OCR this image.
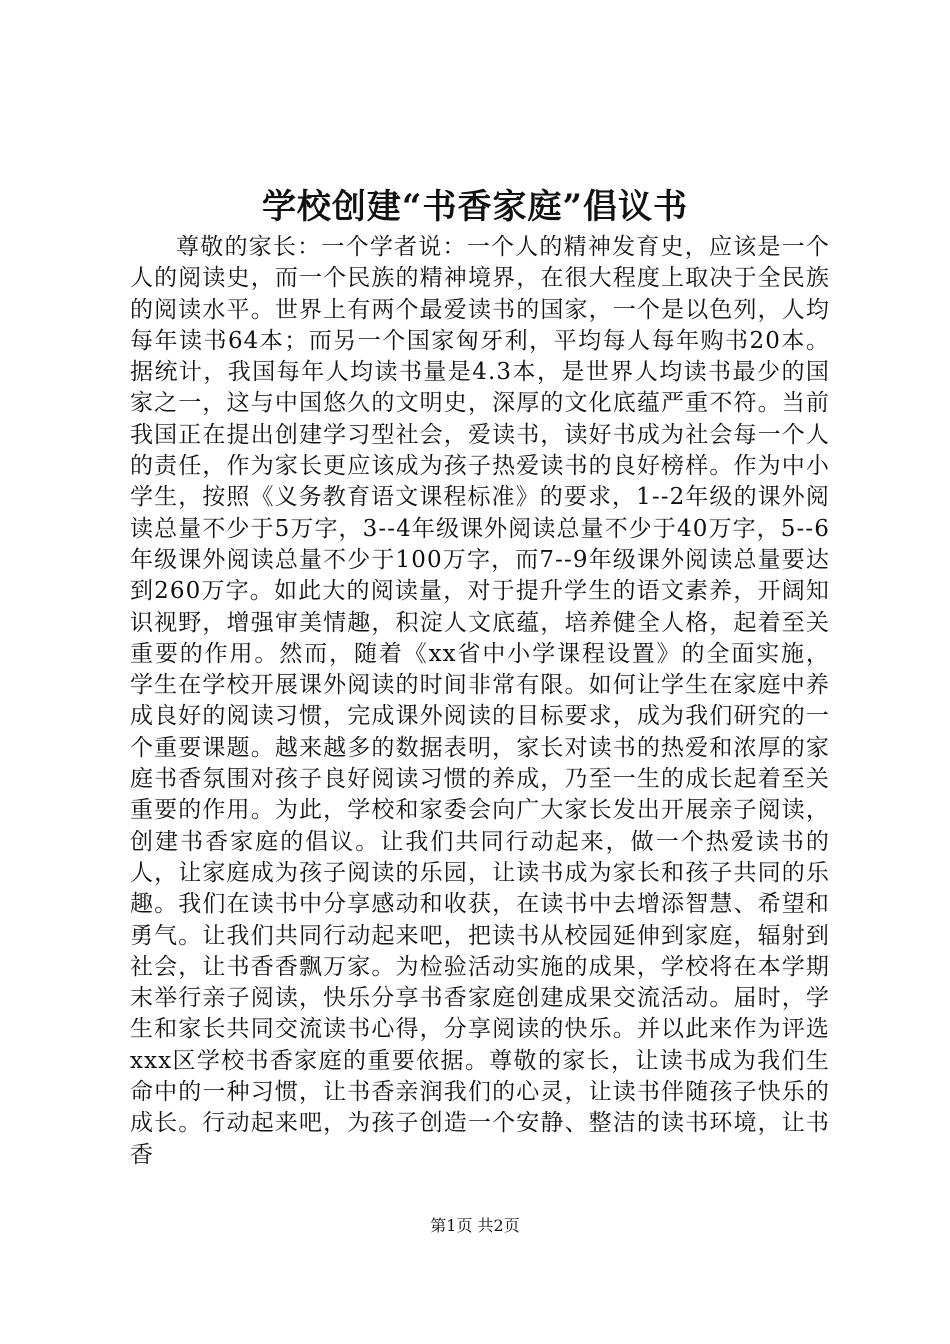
学校创建“书香家庭”倡议书

尊敬的家长：一个学者说：一个人的精神发育史，应该是一个人的阅读史，而一个民族的精神境界，在很大程度上取决于全民族的阅读水平。世界上有两个最爱读书的国家，一个是以色列，人均每年读书64本；而另一个国家匈牙利，平均每人每年购书20本。据统计，我国每年人均读书量是4.3本，是世界人均读书最少的国家之一，这与中国悠久的文明史，深厚的文化底蕴严重不符。当前我国正在提出创建学习型社会，爱读书，读好书成为社会每一个人的责任，作为家长更应该成为孩子热爱读书的良好榜样。作为中小学生，按照《义务教育语文课程标准》的要求，1--2年级的课外阅读总量不少于5万字，3--4年级课外阅读总量不少于40万字，5--6年级课外阅读总量不少于100万字，而7--9年级课外阅读总量要达到260万字。如此大的阅读量，对于提升学生的语文素养，开阔知识视野，增强审美情趣，积淀人文底蕴，培养健全人格，起着至关重要的作用。然而，随着《xx省中小学课程设置》的全面实施，学生在学校开展课外阅读的时间非常有限。如何让学生在家庭中养成良好的阅读习惯，完成课外阅读的目标要求，成为我们研究的一个重要课题。越来越多的数据表明，家长对读书的热爱和浓厚的家庭书香氛围对孩子良好阅读习惯的养成，乃至一生的成长起着至关重要的作用。为此，学校和家委会向广大家长发出开展亲子阅读，创建书香家庭的倡议。让我们共同行动起来，做一个热爱读书的人，让家庭成为孩子阅读的乐园，让读书成为家长和孩子共同的乐趣。我们在读书中分享感动和收获，在读书中去增添智慧、希望和勇气。让我们共同行动起来吧，把读书从校园延伸到家庭，辐射到社会，让书香香飘万家。为检验活动实施的成果，学校将在本学期末举行亲子阅读，快乐分享书香家庭创建成果交流活动。届时，学生和家长共同交流读书心得，分享阅读的快乐。并以此来作为评选xxx区学校书香家庭的重要依据。尊敬的家长，让读书成为我们生命中的一种习惯，让书香亲润我们的心灵，让读书伴随孩子快乐的成长。行动起来吧，为孩子创造一个安静、整洁的读书环境，让书香

第1页 共2页
